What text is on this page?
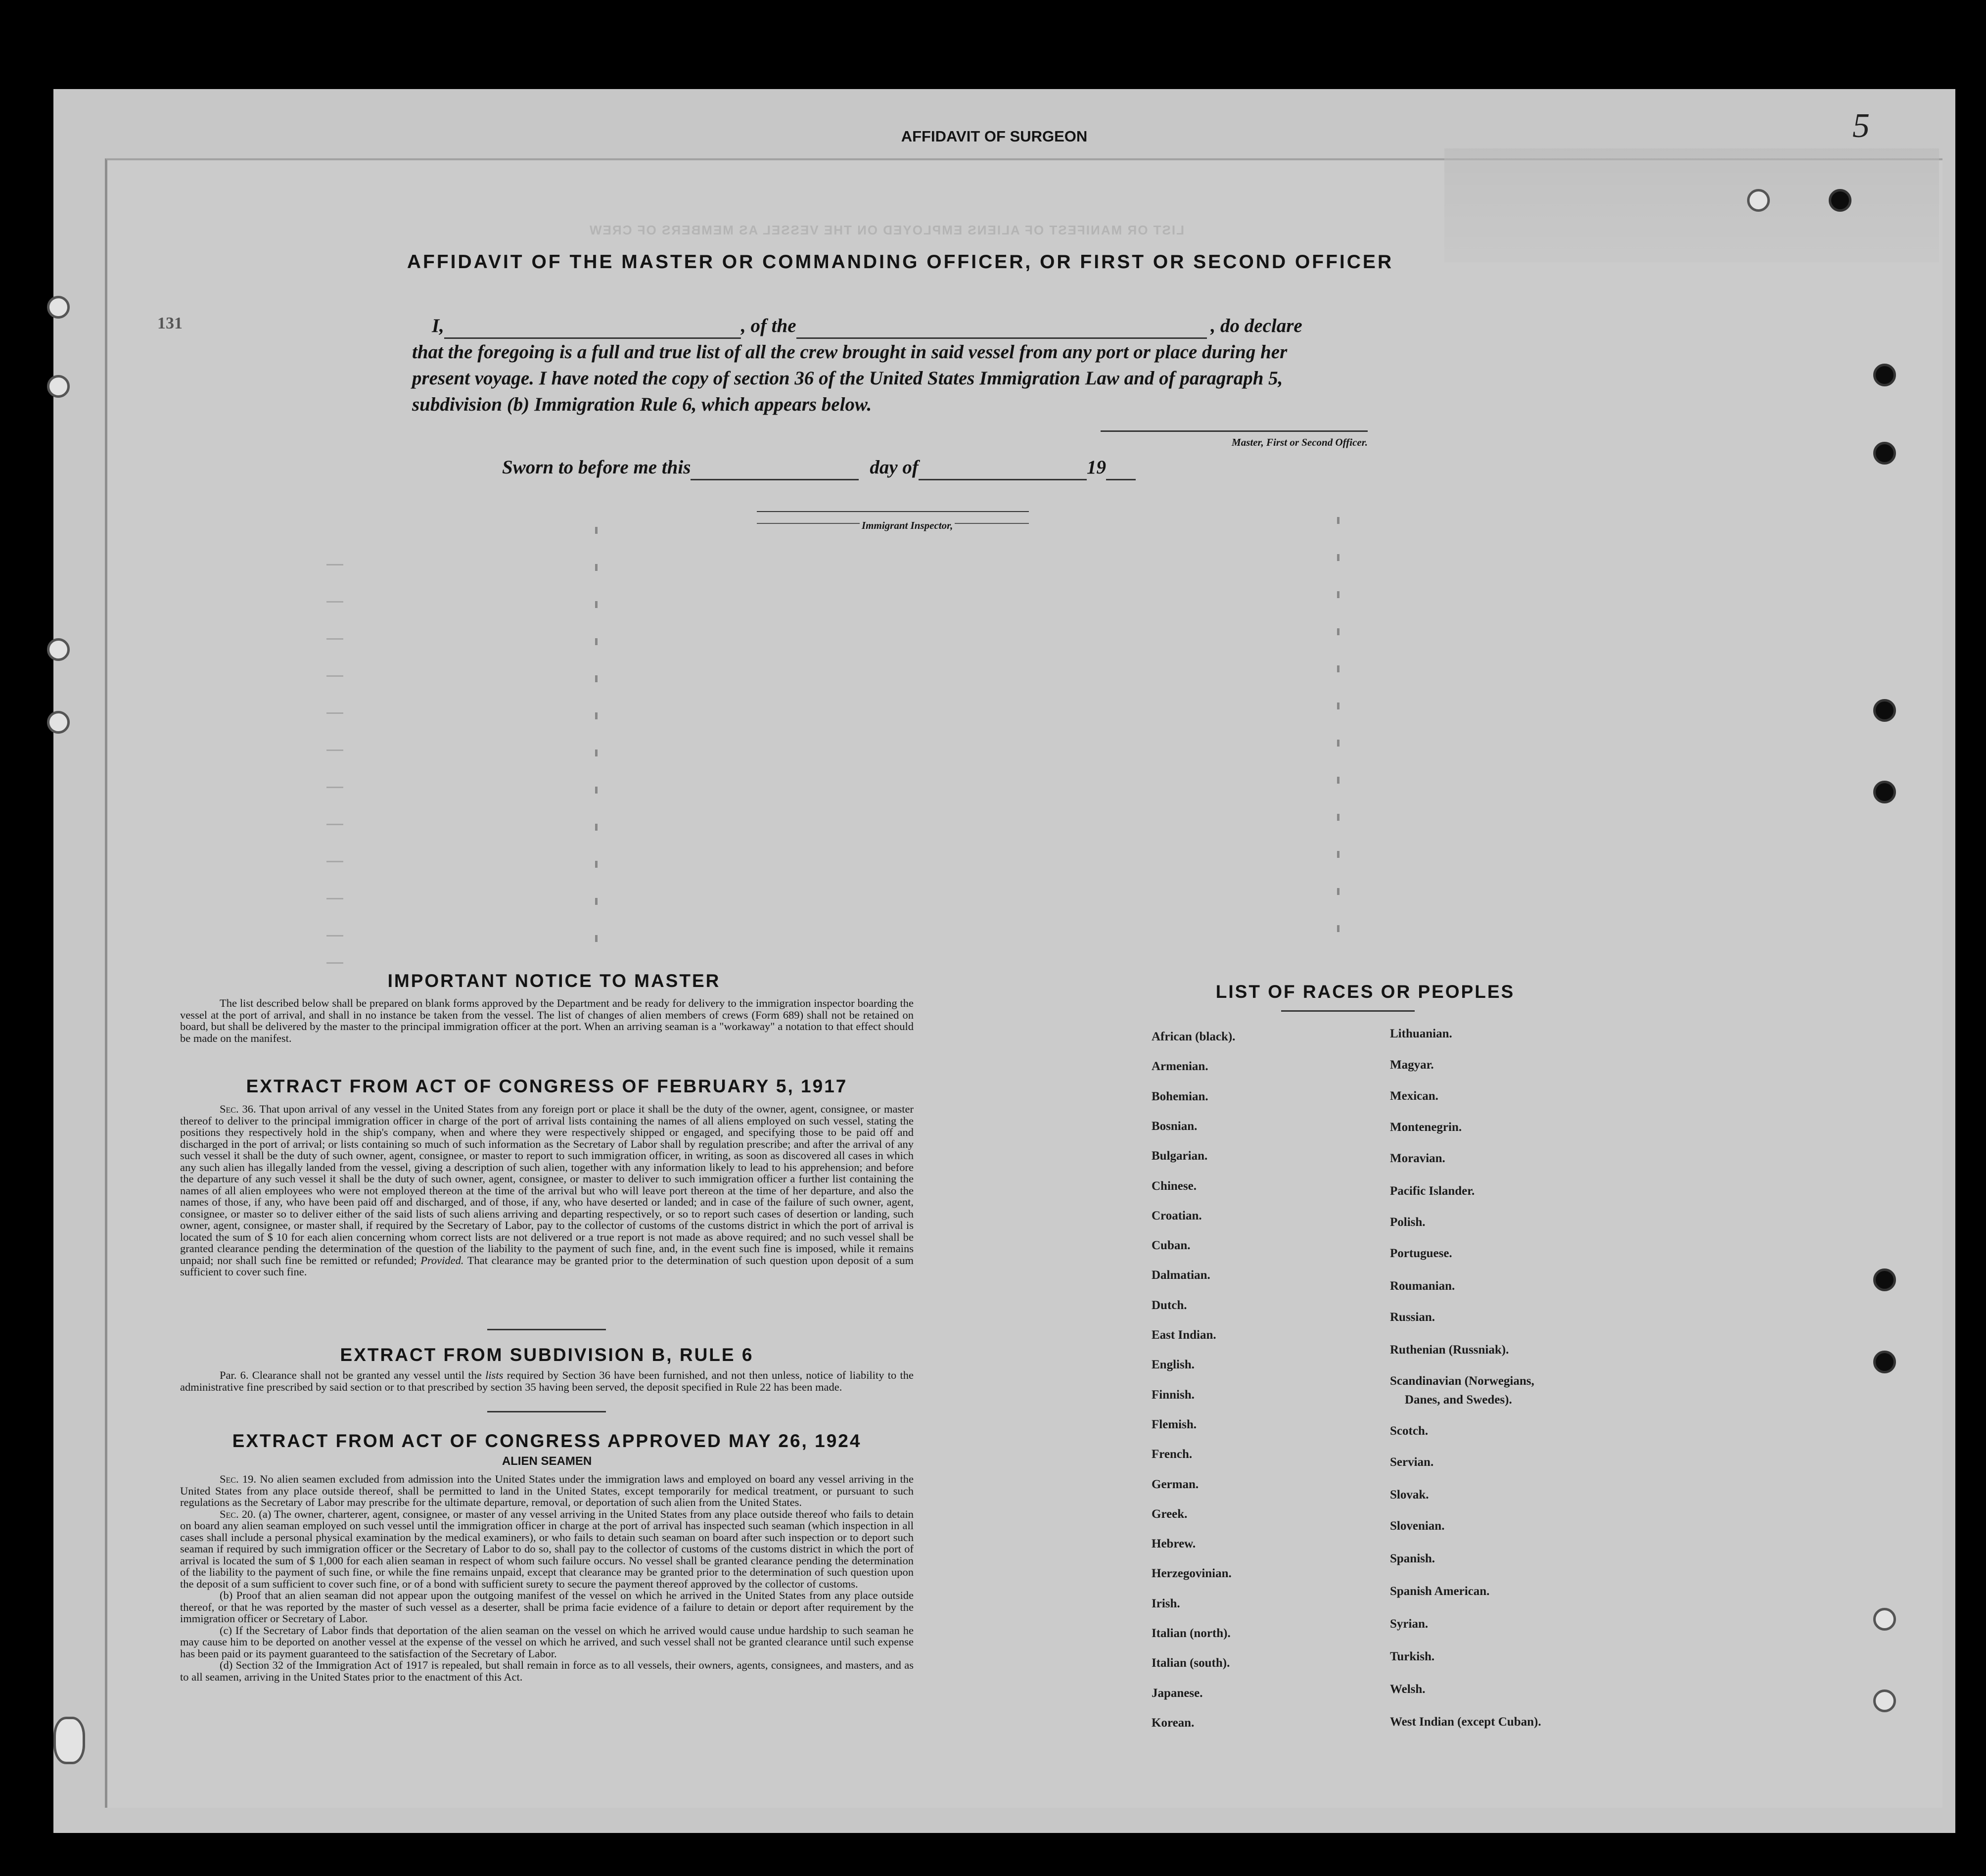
LIST OR MANIFEST OF ALIENS EMPLOYED ON THE VESSEL AS MEMBERS OF CREW
AFFIDAVIT OF SURGEON	5
131
AFFIDAVIT OF THE MASTER OR COMMANDING OFFICER, OR FIRST OR SECOND OFFICER
I,	, of the	, do declare
that the foregoing is a full and true list of all the crew brought in said vessel from any port or place during her
present voyage. I have noted the copy of section 36 of the United States Immigration Law and of paragraph 5,
subdivision (b) Immigration Rule 6, which appears below.
Master, First or Second Officer.
Sworn to before me this	day of	19
Immigrant Inspector,
IMPORTANT NOTICE TO MASTER
The list described below shall be prepared on blank forms approved by the Department and be ready for delivery to the immigration inspector boarding the vessel at the port of arrival, and shall in no instance be taken from the vessel. The list of changes of alien members of crews (Form 689) shall not be retained on board, but shall be delivered by the master to the principal immigration officer at the port. When an arriving seaman is a "workaway" a notation to that effect should be made on the manifest.
EXTRACT FROM ACT OF CONGRESS OF FEBRUARY 5, 1917
Sec. 36. That upon arrival of any vessel in the United States from any foreign port or place it shall be the duty of the owner, agent, consignee, or master thereof to deliver to the principal immigration officer in charge of the port of arrival lists containing the names of all aliens employed on such vessel, stating the positions they respectively hold in the ship's company, when and where they were respectively shipped or engaged, and specifying those to be paid off and discharged in the port of arrival; or lists containing so much of such information as the Secretary of Labor shall by regulation prescribe; and after the arrival of any such vessel it shall be the duty of such owner, agent, consignee, or master to report to such immigration officer, in writing, as soon as discovered all cases in which any such alien has illegally landed from the vessel, giving a description of such alien, together with any information likely to lead to his apprehension; and before the departure of any such vessel it shall be the duty of such owner, agent, consignee, or master to deliver to such immigration officer a further list containing the names of all alien employees who were not employed thereon at the time of the arrival but who will leave port thereon at the time of her departure, and also the names of those, if any, who have been paid off and discharged, and of those, if any, who have deserted or landed; and in case of the failure of such owner, agent, consignee, or master so to deliver either of the said lists of such aliens arriving and departing respectively, or so to report such cases of desertion or landing, such owner, agent, consignee, or master shall, if required by the Secretary of Labor, pay to the collector of customs of the customs district in which the port of arrival is located the sum of $ 10 for each alien concerning whom correct lists are not delivered or a true report is not made as above required; and no such vessel shall be granted clearance pending the determination of the question of the liability to the payment of such fine, and, in the event such fine is imposed, while it remains unpaid; nor shall such fine be remitted or refunded; Provided. That clearance may be granted prior to the determination of such question upon deposit of a sum sufficient to cover such fine.
EXTRACT FROM SUBDIVISION B, RULE 6
Par. 6. Clearance shall not be granted any vessel until the lists required by Section 36 have been furnished, and not then unless, notice of liability to the administrative fine prescribed by said section or to that prescribed by section 35 having been served, the deposit specified in Rule 22 has been made.
EXTRACT FROM ACT OF CONGRESS APPROVED MAY 26, 1924
ALIEN SEAMEN
Sec. 19. No alien seamen excluded from admission into the United States under the immigration laws and employed on board any vessel arriving in the United States from any place outside thereof, shall be permitted to land in the United States, except temporarily for medical treatment, or pursuant to such regulations as the Secretary of Labor may prescribe for the ultimate departure, removal, or deportation of such alien from the United States.
Sec. 20. (a) The owner, charterer, agent, consignee, or master of any vessel arriving in the United States from any place outside thereof who fails to detain on board any alien seaman employed on such vessel until the immigration officer in charge at the port of arrival has inspected such seaman (which inspection in all cases shall include a personal physical examination by the medical examiners), or who fails to detain such seaman on board after such inspection or to deport such seaman if required by such immigration officer or the Secretary of Labor to do so, shall pay to the collector of customs of the customs district in which the port of arrival is located the sum of $ 1,000 for each alien seaman in respect of whom such failure occurs. No vessel shall be granted clearance pending the determination of the liability to the payment of such fine, or while the fine remains unpaid, except that clearance may be granted prior to the determination of such question upon the deposit of a sum sufficient to cover such fine, or of a bond with sufficient surety to secure the payment thereof approved by the collector of customs.
(b) Proof that an alien seaman did not appear upon the outgoing manifest of the vessel on which he arrived in the United States from any place outside thereof, or that he was reported by the master of such vessel as a deserter, shall be prima facie evidence of a failure to detain or deport after requirement by the immigration officer or Secretary of Labor.
(c) If the Secretary of Labor finds that deportation of the alien seaman on the vessel on which he arrived would cause undue hardship to such seaman he may cause him to be deported on another vessel at the expense of the vessel on which he arrived, and such vessel shall not be granted clearance until such expense has been paid or its payment guaranteed to the satisfaction of the Secretary of Labor.
(d) Section 32 of the Immigration Act of 1917 is repealed, but shall remain in force as to all vessels, their owners, agents, consignees, and masters, and as to all seamen, arriving in the United States prior to the enactment of this Act.
LIST OF RACES OR PEOPLES
African (black).
Armenian.
Bohemian.
Bosnian.
Bulgarian.
Chinese.
Croatian.
Cuban.
Dalmatian.
Dutch.
East Indian.
English.
Finnish.
Flemish.
French.
German.
Greek.
Hebrew.
Herzegovinian.
Irish.
Italian (north).
Italian (south).
Japanese.
Korean.
Lithuanian.
Magyar.
Mexican.
Montenegrin.
Moravian.
Pacific Islander.
Polish.
Portuguese.
Roumanian.
Russian.
Ruthenian (Russniak).
Scandinavian (Norwegians,
Danes, and Swedes).
Scotch.
Servian.
Slovak.
Slovenian.
Spanish.
Spanish American.
Syrian.
Turkish.
Welsh.
West Indian (except Cuban).
